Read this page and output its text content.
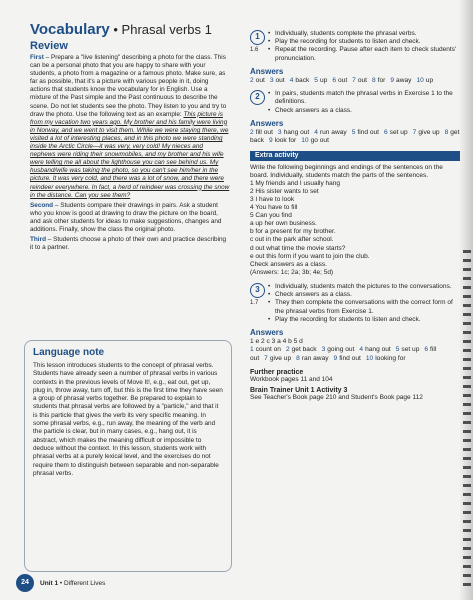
Vocabulary • Phrasal verbs 1
Review

First – Prepare a "live listening" describing a photo for the class. This can be a personal photo that you are happy to share with your students, a photo from a magazine or a famous photo. Make sure, as far as possible, that it's a picture with various people in it, doing actions that students know the vocabulary for in English. Use a mixture of the Past simple and the Past continuous to describe the scene. Do not let students see the photo. They listen to you and try to draw the photo. Use the following text as an example: This picture is from my vacation two years ago. My brother and his family were living in Norway, and we went to visit them. While we were staying there, we visited a lot of interesting places, and in this photo we were standing inside the Arctic Circle—it was very, very cold! My nieces and nephews were riding their snowmobiles, and my brother and his wife were telling me all about the lighthouse you can see behind us. My husband/wife was taking the photo, so you can't see him/her in the picture. It was very cold, and there was a lot of snow, and there were reindeer everywhere. In fact, a herd of reindeer was crossing the snow in the distance. Can you see them?

Second – Students compare their drawings in pairs. Ask a student who you know is good at drawing to draw the picture on the board, and ask other students for ideas to make suggestions, changes and additions. Finally, show the class the original photo.

Third – Students choose a photo of their own and practice describing it to a partner.

Language note

This lesson introduces students to the concept of phrasal verbs. Students have already seen a number of phrasal verbs in various contexts in the previous levels of Move It!, e.g., eat out, get up, plug in, throw away, turn off, but this is the first time they have seen a group of phrasal verbs together. Be prepared to explain to students that phrasal verbs are followed by a "particle," and that it is this particle that gives the verb its very specific meaning. In some phrasal verbs, e.g., run away, the meaning of the verb and the particle is clear, but in many cases, e.g., hang out, it is abstract, which makes the meaning difficult or impossible to deduce without the context. In this lesson, students work with phrasal verbs at a purely lexical level, and the exercises do not require them to distinguish between separable and non-separable phrasal verbs.

1
1.6
• Individually, students complete the phrasal verbs.
• Play the recording for students to listen and check.
• Repeat the recording. Pause after each item to check students' pronunciation.
Answers
2 out 3 out 4 back 5 up 6 out 7 out 8 for 9 away 10 up
2
•	In pairs, students match the phrasal verbs in Exercise 1 to the definitions.
• Check answers as a class.
Answers
2 fill out 3 hang out 4 run away 5 find out 6 set up 7 give up 8 get back 9 look for 10 go out
Extra activity

Write the following beginnings and endings of the sentences on the board. Individually, students match the parts of the sentences.

1 My friends and I usually hang
2 His sister wants to set
3 I have to look
4 You have to fill
5 Can you find
a up her own business.
b for a present for my brother.
c out in the park after school.
d out what time the movie starts?
e out this form if you want to join the club.
Check answers as a class.
(Answers: 1c; 2a; 3b; 4e; 5d)
3
1.7
• Individually, students match the pictures to the conversations.
• Check answers as a class.
• They then complete the conversations with the correct form of the phrasal verbs from Exercise 1.
• Play the recording for students to listen and check.
Answers
1 e 2 c 3 a 4 b 5 d
1 count on 2 get back 3 going out 4 hang out 5 set up 6 fill out 7 give up 8 ran away 9 find out 10 looking for
Further practice
Workbook pages 11 and 104
Brain Trainer Unit 1 Activity 3
See Teacher's Book page 210 and Student's Book page 112
24	Unit 1 • Different Lives
